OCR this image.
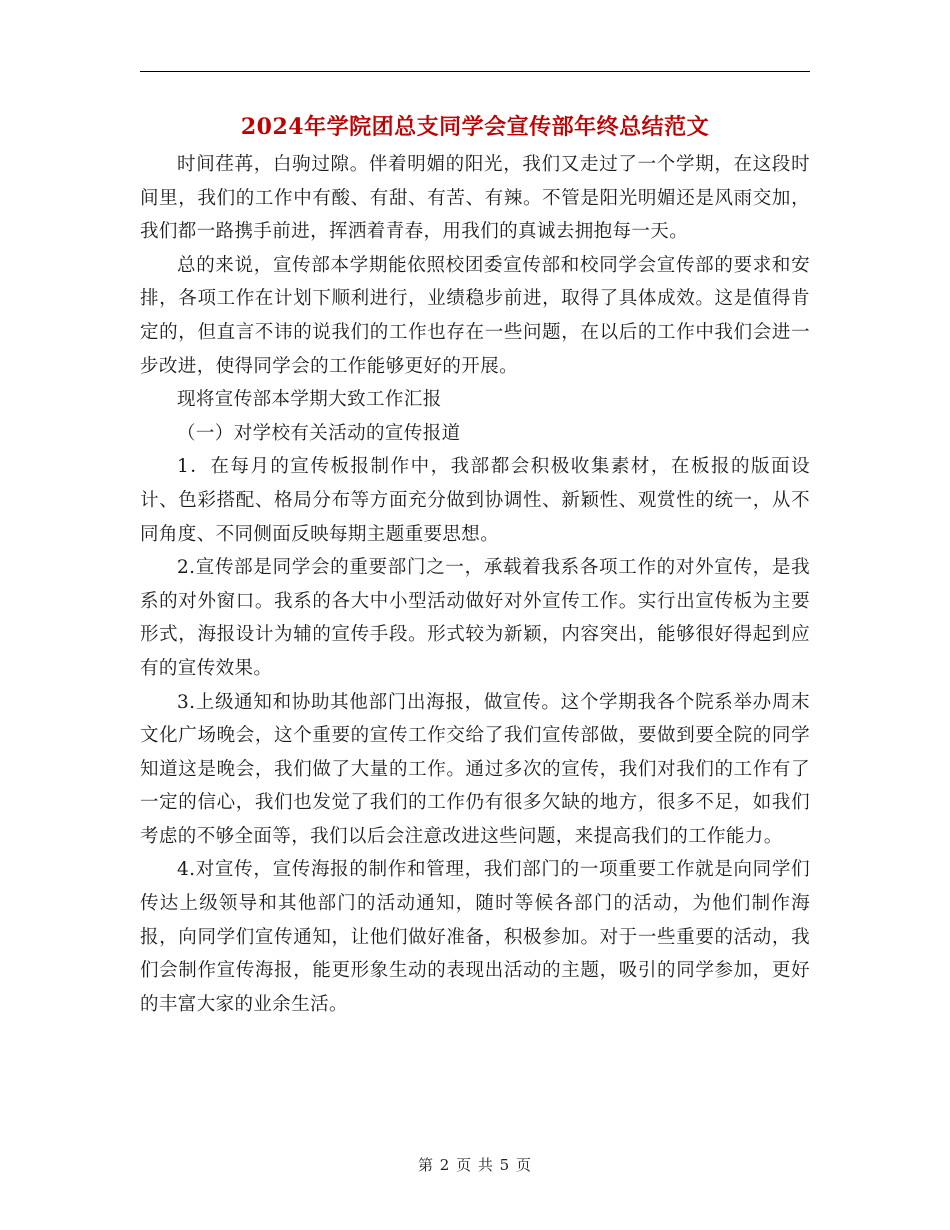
2024年学院团总支同学会宣传部年终总结范文

时间荏苒，白驹过隙。伴着明媚的阳光，我们又走过了一个学期，在这段时间里，我们的工作中有酸、有甜、有苦、有辣。不管是阳光明媚还是风雨交加，我们都一路携手前进，挥洒着青春，用我们的真诚去拥抱每一天。

总的来说，宣传部本学期能依照校团委宣传部和校同学会宣传部的要求和安排，各项工作在计划下顺利进行，业绩稳步前进，取得了具体成效。这是值得肯定的，但直言不讳的说我们的工作也存在一些问题，在以后的工作中我们会进一步改进，使得同学会的工作能够更好的开展。

现将宣传部本学期大致工作汇报

（一）对学校有关活动的宣传报道

1．在每月的宣传板报制作中，我部都会积极收集素材，在板报的版面设计、色彩搭配、格局分布等方面充分做到协调性、新颖性、观赏性的统一，从不同角度、不同侧面反映每期主题重要思想。

2.宣传部是同学会的重要部门之一，承载着我系各项工作的对外宣传，是我系的对外窗口。我系的各大中小型活动做好对外宣传工作。实行出宣传板为主要形式，海报设计为辅的宣传手段。形式较为新颖，内容突出，能够很好得起到应有的宣传效果。

3.上级通知和协助其他部门出海报，做宣传。这个学期我各个院系举办周末文化广场晚会，这个重要的宣传工作交给了我们宣传部做，要做到要全院的同学知道这是晚会，我们做了大量的工作。通过多次的宣传，我们对我们的工作有了一定的信心，我们也发觉了我们的工作仍有很多欠缺的地方，很多不足，如我们考虑的不够全面等，我们以后会注意改进这些问题，来提高我们的工作能力。

4.对宣传，宣传海报的制作和管理，我们部门的一项重要工作就是向同学们传达上级领导和其他部门的活动通知，随时等候各部门的活动，为他们制作海报，向同学们宣传通知，让他们做好准备，积极参加。对于一些重要的活动，我们会制作宣传海报，能更形象生动的表现出活动的主题，吸引的同学参加，更好的丰富大家的业余生活。

第 2 页 共 5 页
